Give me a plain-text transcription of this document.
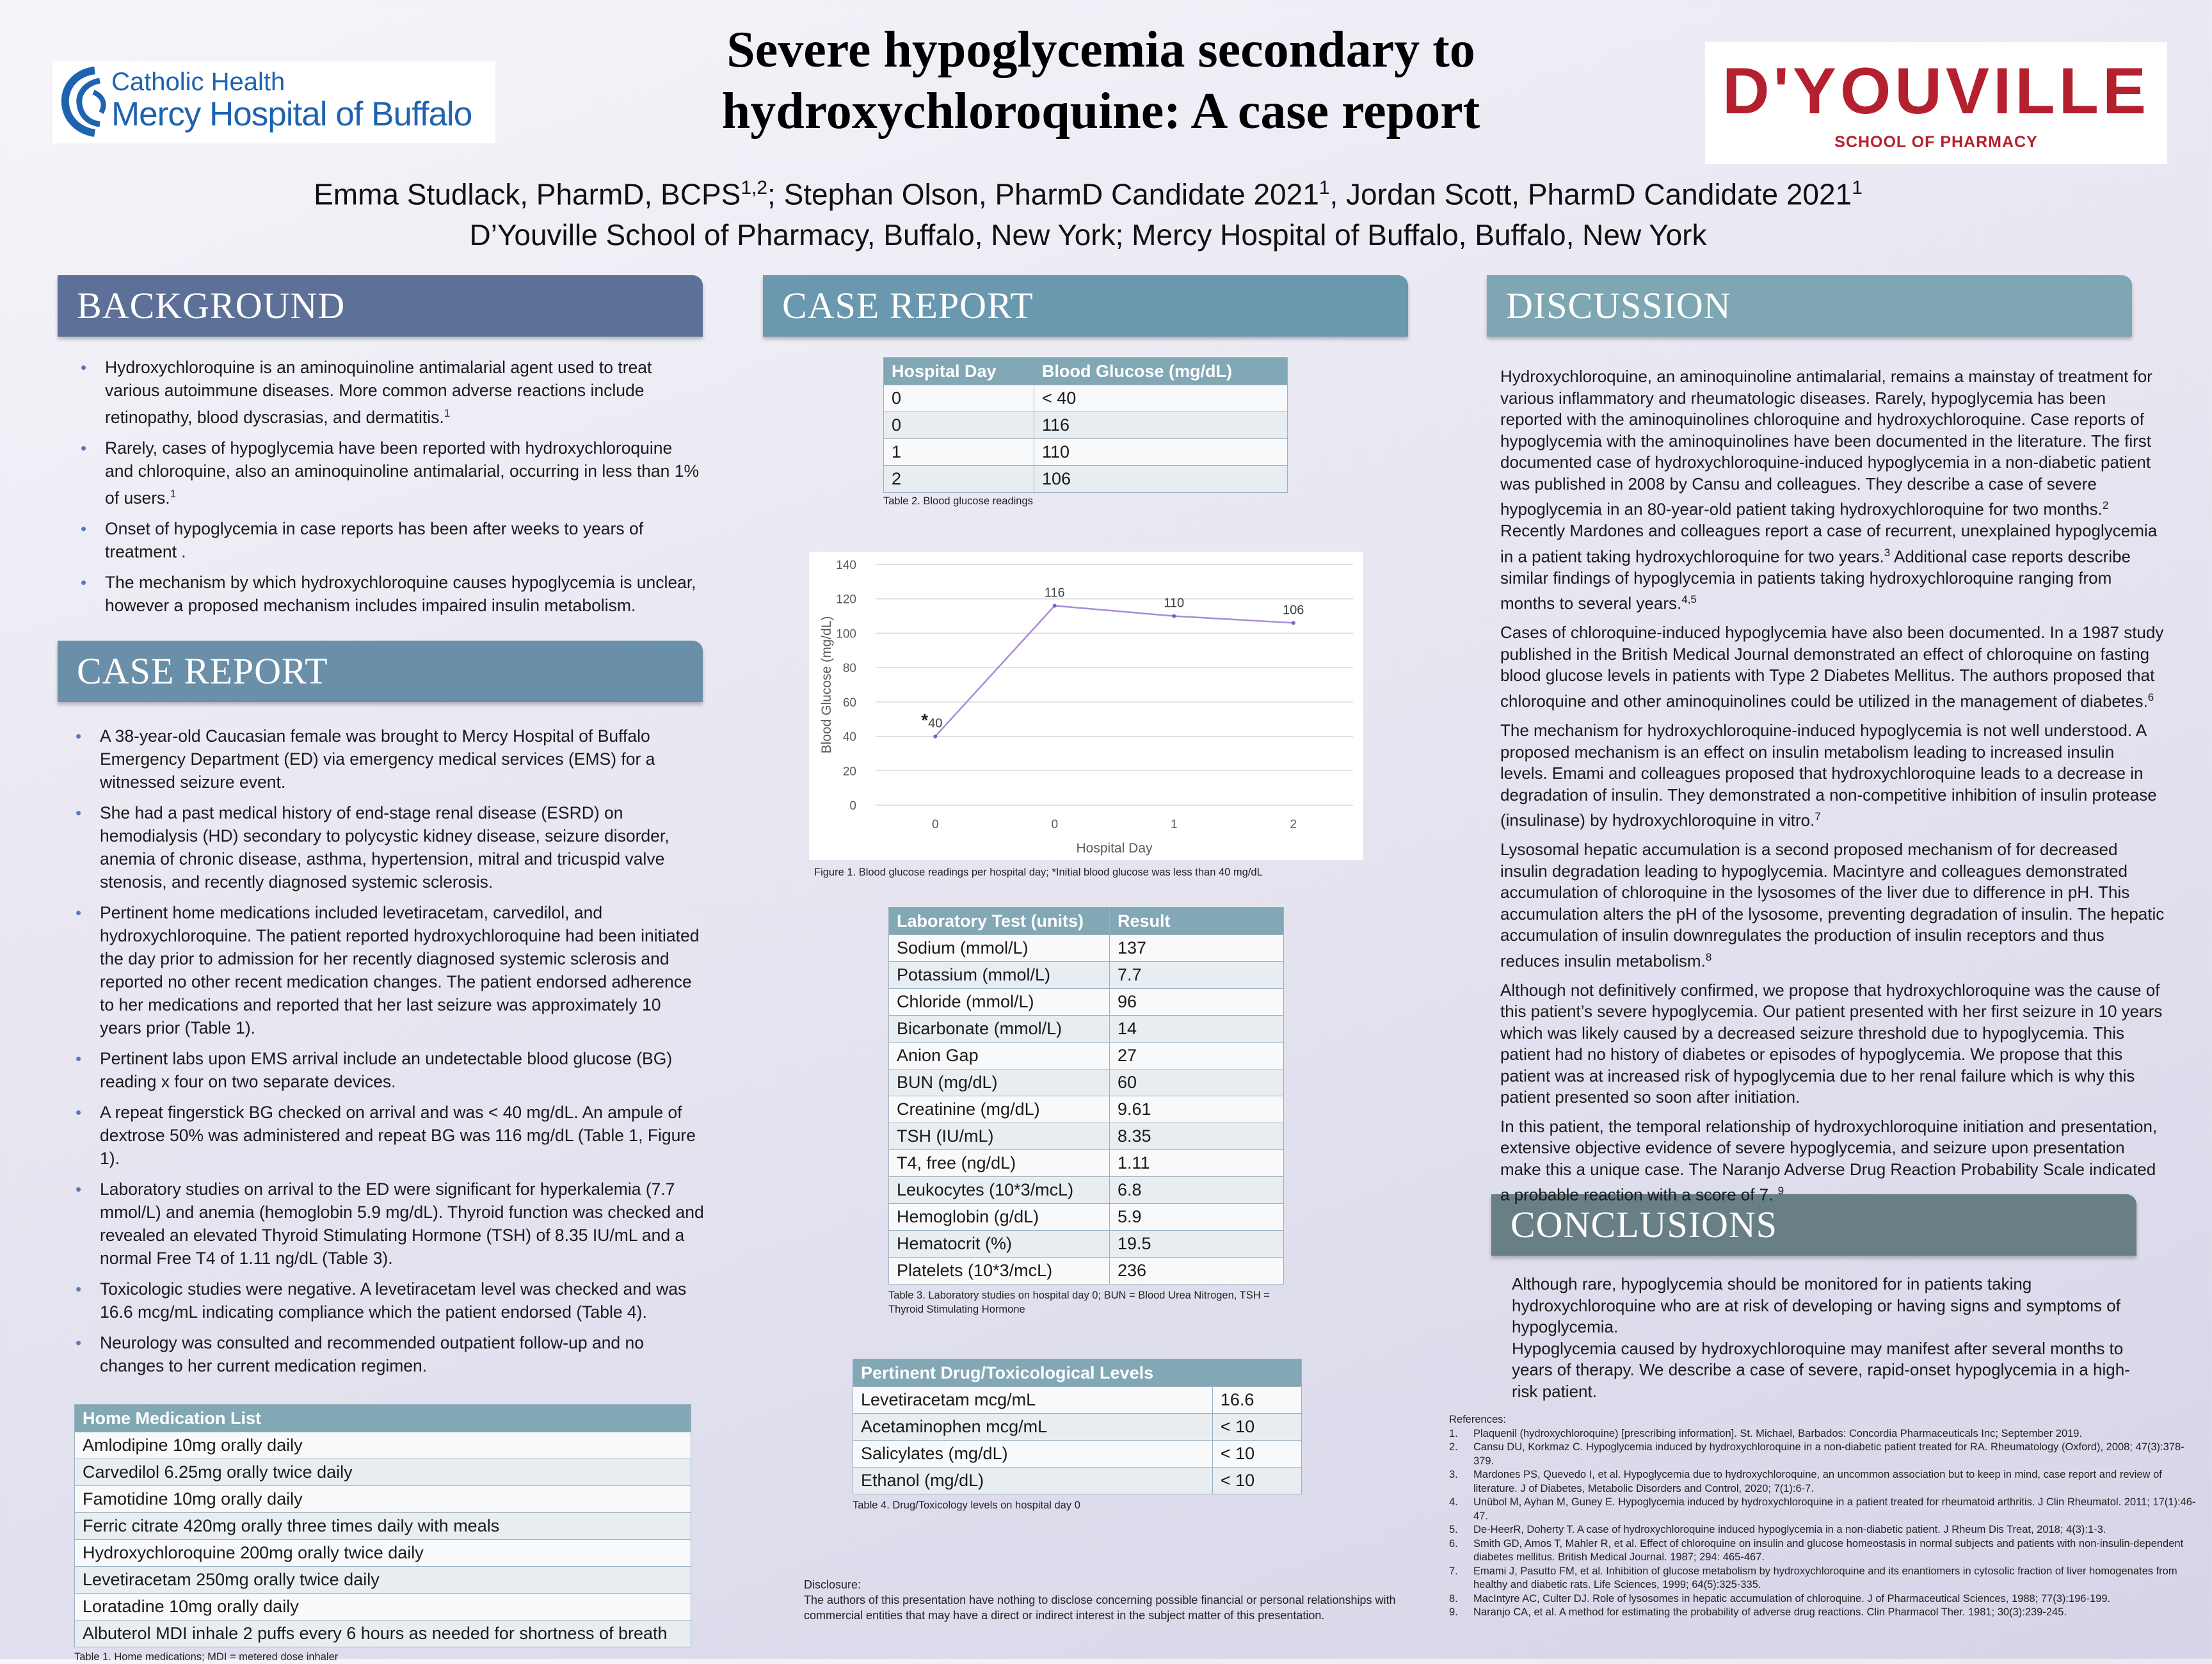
Severe hypoglycemia secondary to
hydroxychloroquine: A case report
Catholic Health
Mercy Hospital of Buffalo	D'YOUVILLE
SCHOOL OF PHARMACY
Emma Studlack, PharmD, BCPS$^{1,2}$; Stephan Olson, PharmD Candidate 2021$^1$, Jordan Scott, PharmD Candidate 2021$^1$
D’Youville School of Pharmacy, Buffalo, New York; Mercy Hospital of Buffalo, Buffalo, New York
BACKGROUND
CASE REPORT
CASE REPORT	DISCUSSION
CONCLUSIONS
• Hydroxychloroquine is an aminoquinoline antimalarial agent used to treat various autoimmune diseases. More common adverse reactions include retinopathy, blood dyscrasias, and dermatitis.$^1$
• Rarely, cases of hypoglycemia have been reported with hydroxychloroquine and chloroquine, also an aminoquinoline antimalarial, occurring in less than 1% of users.$^1$
• Onset of hypoglycemia in case reports has been after weeks to years of treatment .
• The mechanism by which hydroxychloroquine causes hypoglycemia is unclear, however a proposed mechanism includes impaired insulin metabolism.
• A 38-year-old Caucasian female was brought to Mercy Hospital of Buffalo Emergency Department (ED) via emergency medical services (EMS) for a witnessed seizure event.
• She had a past medical history of end-stage renal disease (ESRD) on hemodialysis (HD) secondary to polycystic kidney disease, seizure disorder, anemia of chronic disease, asthma, hypertension, mitral and tricuspid valve stenosis, and recently diagnosed systemic sclerosis.
• Pertinent home medications included levetiracetam, carvedilol, and hydroxychloroquine. The patient reported hydroxychloroquine had been initiated the day prior to admission for her recently diagnosed systemic sclerosis and reported no other recent medication changes. The patient endorsed adherence to her medications and reported that her last seizure was approximately 10 years prior (Table 1).
• Pertinent labs upon EMS arrival include an undetectable blood glucose (BG) reading x four on two separate devices.
• A repeat fingerstick BG checked on arrival and was < 40 mg/dL. An ampule of dextrose 50% was administered and repeat BG was 116 mg/dL (Table 1, Figure 1).
• Laboratory studies on arrival to the ED were significant for hyperkalemia (7.7 mmol/L) and anemia (hemoglobin 5.9 mg/dL). Thyroid function was checked and revealed an elevated Thyroid Stimulating Hormone (TSH) of 8.35 IU/mL and a normal Free T4 of 1.11 ng/dL (Table 3).
• Toxicologic studies were negative. A levetiracetam level was checked and was 16.6 mcg/mL indicating compliance which the patient endorsed (Table 4).
• Neurology was consulted and recommended outpatient follow-up and no changes to her current medication regimen.
Home Medication List
Amlodipine 10mg orally daily
Carvedilol 6.25mg orally twice daily
Famotidine 10mg orally daily
Ferric citrate 420mg orally three times daily with meals
Hydroxychloroquine 200mg orally twice daily
Levetiracetam 250mg orally twice daily
Loratadine 10mg orally daily
Albuterol MDI inhale 2 puffs every 6 hours as needed for shortness of breath
Table 1. Home medications; MDI = metered dose inhaler
Hospital Day	Blood Glucose (mg/dL)
0	< 40
0	116
1	110
2	106
Table 2. Blood glucose readings
0
20
40
60
80
100
120
140
0	0	1	2
40
116
110	106
*
Hospital Day
Blood Glucose (mg/dL)
Figure 1. Blood glucose readings per hospital day; *Initial blood glucose was less than 40 mg/dL
Laboratory Test (units)	Result
Sodium (mmol/L)	137
Potassium (mmol/L)	7.7
Chloride (mmol/L)	96
Bicarbonate (mmol/L)	14
Anion Gap	27
BUN (mg/dL)	60
Creatinine (mg/dL)	9.61
TSH (IU/mL)	8.35
T4, free (ng/dL)	1.11
Leukocytes (10*3/mcL)	6.8
Hemoglobin (g/dL)	5.9
Hematocrit (%)	19.5
Platelets (10*3/mcL)	236
Table 3. Laboratory studies on hospital day 0; BUN = Blood Urea Nitrogen, TSH = Thyroid Stimulating Hormone
Pertinent Drug/Toxicological Levels	
Levetiracetam mcg/mL	16.6
Acetaminophen mcg/mL	< 10
Salicylates (mg/dL)	< 10
Ethanol (mg/dL)	< 10
Table 4. Drug/Toxicology levels on hospital day 0
Disclosure:
The authors of this presentation have nothing to disclose concerning possible financial or personal relationships with commercial entities that may have a direct or indirect interest in the subject matter of this presentation.
Hydroxychloroquine, an aminoquinoline antimalarial, remains a mainstay of treatment for various inflammatory and rheumatologic diseases. Rarely, hypoglycemia has been reported with the aminoquinolines chloroquine and hydroxychloroquine. Case reports of hypoglycemia with the aminoquinolines have been documented in the literature. The first documented case of hydroxychloroquine-induced hypoglycemia in a non-diabetic patient was published in 2008 by Cansu and colleagues. They describe a case of severe hypoglycemia in an 80-year-old patient taking hydroxychloroquine for two months.$^2$ Recently Mardones and colleagues report a case of recurrent, unexplained hypoglycemia in a patient taking hydroxychloroquine for two years.$^3$ Additional case reports describe similar findings of hypoglycemia in patients taking hydroxychloroquine ranging from months to several years.$^{4,5}$
Cases of chloroquine-induced hypoglycemia have also been documented. In a 1987 study published in the British Medical Journal demonstrated an effect of chloroquine on fasting blood glucose levels in patients with Type 2 Diabetes Mellitus. The authors proposed that chloroquine and other aminoquinolines could be utilized in the management of diabetes.$^6$
The mechanism for hydroxychloroquine-induced hypoglycemia is not well understood. A proposed mechanism is an effect on insulin metabolism leading to increased insulin levels. Emami and colleagues proposed that hydroxychloroquine leads to a decrease in degradation of insulin. They demonstrated a non-competitive inhibition of insulin protease (insulinase) by hydroxychloroquine in vitro.$^7$
Lysosomal hepatic accumulation is a second proposed mechanism of for decreased insulin degradation leading to hypoglycemia. Macintyre and colleagues demonstrated accumulation of chloroquine in the lysosomes of the liver due to difference in pH. This accumulation alters the pH of the lysosome, preventing degradation of insulin. The hepatic accumulation of insulin downregulates the production of insulin receptors and thus reduces insulin metabolism.$^8$
Although not definitively confirmed, we propose that hydroxychloroquine was the cause of this patient’s severe hypoglycemia. Our patient presented with her first seizure in 10 years which was likely caused by a decreased seizure threshold due to hypoglycemia. This patient had no history of diabetes or episodes of hypoglycemia. We propose that this patient was at increased risk of hypoglycemia due to her renal failure which is why this patient presented so soon after initiation.
In this patient, the temporal relationship of hydroxychloroquine initiation and presentation, extensive objective evidence of severe hypoglycemia, and seizure upon presentation make this a unique case. The Naranjo Adverse Drug Reaction Probability Scale indicated a probable reaction with a score of 7. $^9$
Although rare, hypoglycemia should be monitored for in patients taking hydroxychloroquine who are at risk of developing or having signs and symptoms of hypoglycemia.
Hypoglycemia caused by hydroxychloroquine may manifest after several months to years of therapy. We describe a case of severe, rapid-onset hypoglycemia in a high-risk patient.
References:
1.	Plaquenil (hydroxychloroquine) [prescribing information]. St. Michael, Barbados: Concordia Pharmaceuticals Inc; September 2019.
2.	Cansu DU, Korkmaz C. Hypoglycemia induced by hydroxychloroquine in a non-diabetic patient treated for RA. Rheumatology (Oxford), 2008; 47(3):378-379.
3.	Mardones PS, Quevedo I, et al. Hypoglycemia due to hydroxychloroquine, an uncommon association but to keep in mind, case report and review of literature. J of Diabetes, Metabolic Disorders and Control, 2020; 7(1):6-7.
4.	Unübol M, Ayhan M, Guney E. Hypoglycemia induced by hydroxychloroquine in a patient treated for rheumatoid arthritis. J Clin Rheumatol. 2011; 17(1):46-47.
5.	De-HeerR, Doherty T. A case of hydroxychloroquine induced hypoglycemia in a non-diabetic patient. J Rheum Dis Treat, 2018; 4(3):1-3.
6.	Smith GD, Amos T, Mahler R, et al. Effect of chloroquine on insulin and glucose homeostasis in normal subjects and patients with non-insulin-dependent diabetes mellitus. British Medical Journal. 1987; 294: 465-467.
7.	Emami J, Pasutto FM, et al. Inhibition of glucose metabolism by hydroxychloroquine and its enantiomers in cytosolic fraction of liver homogenates from healthy and diabetic rats. Life Sciences, 1999; 64(5):325-335.
8.	MacIntyre AC, Culter DJ. Role of lysosomes in hepatic accumulation of chloroquine. J of Pharmaceutical Sciences, 1988; 77(3):196-199.
9.	Naranjo CA, et al. A method for estimating the probability of adverse drug reactions. Clin Pharmacol Ther. 1981; 30(3):239-245.
